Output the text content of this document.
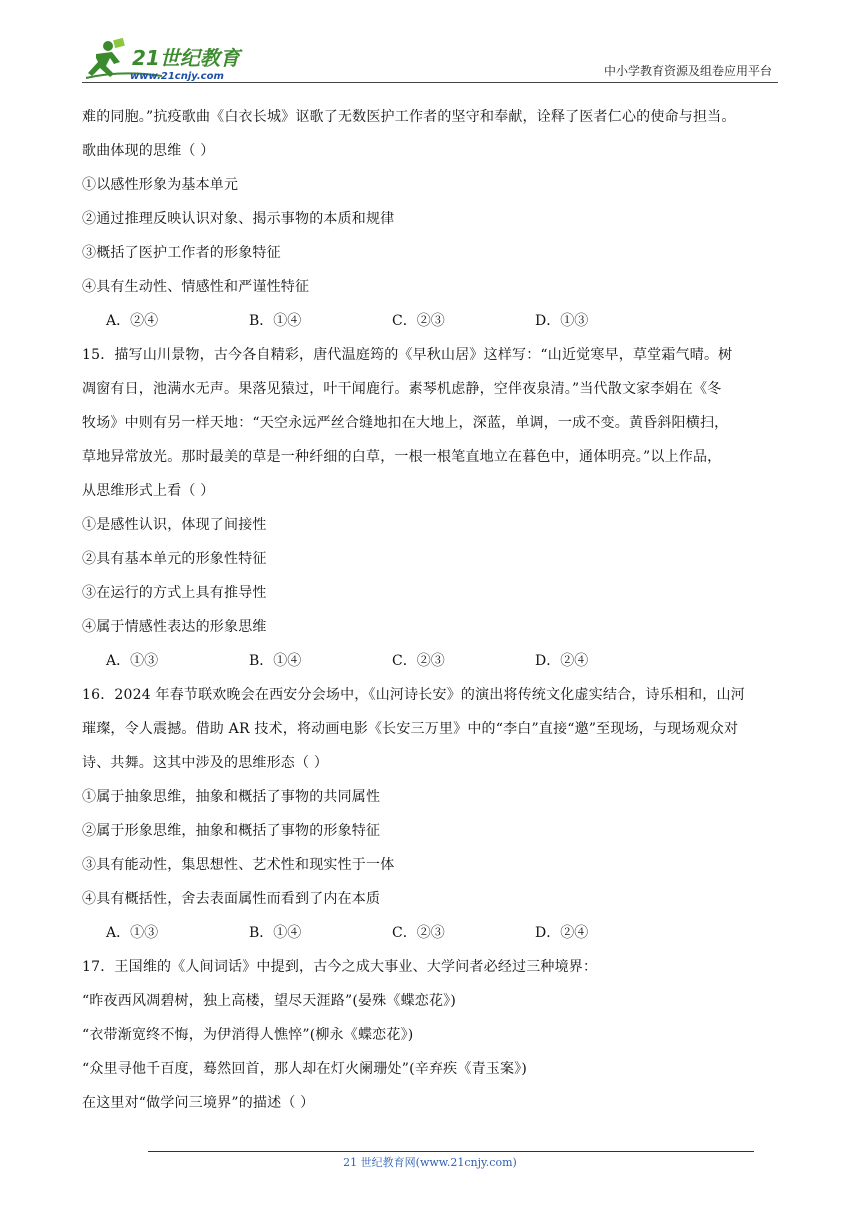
21世纪教育
www.21cnjy.com	中小学教育资源及组卷应用平台
难的同胞。”抗疫歌曲《白衣长城》讴歌了无数医护工作者的坚守和奉献，诠释了医者仁心的使命与担当。
歌曲体现的思维（ ）
①以感性形象为基本单元
②通过推理反映认识对象、揭示事物的本质和规律
③概括了医护工作者的形象特征
④具有生动性、情感性和严谨性特征
A．②④	B．①④	C．②③	D．①③
15．描写山川景物，古今各自精彩，唐代温庭筠的《早秋山居》这样写：“山近觉寒早，草堂霜气晴。树
凋窗有日，池满水无声。果落见猿过，叶干闻鹿行。素琴机虑静，空伴夜泉清。”当代散文家李娟在《冬
牧场》中则有另一样天地：“天空永远严丝合缝地扣在大地上，深蓝，单调，一成不变。黄昏斜阳横扫，
草地异常放光。那时最美的草是一种纤细的白草，一根一根笔直地立在暮色中，通体明亮。”以上作品，
从思维形式上看（ ）
①是感性认识，体现了间接性
②具有基本单元的形象性特征
③在运行的方式上具有推导性
④属于情感性表达的形象思维
A．①③	B．①④	C．②③	D．②④
16．2024 年春节联欢晚会在西安分会场中，《山河诗长安》的演出将传统文化虚实结合，诗乐相和，山河
璀璨，令人震撼。借助 AR 技术，将动画电影《长安三万里》中的“李白”直接“邀”至现场，与现场观众对
诗、共舞。这其中涉及的思维形态（ ）
①属于抽象思维，抽象和概括了事物的共同属性
②属于形象思维，抽象和概括了事物的形象特征
③具有能动性，集思想性、艺术性和现实性于一体
④具有概括性，舍去表面属性而看到了内在本质
A．①③	B．①④	C．②③	D．②④
17．王国维的《人间词话》中提到，古今之成大事业、大学问者必经过三种境界：
“昨夜西风凋碧树，独上高楼，望尽天涯路”(晏殊《蝶恋花》)
“衣带渐宽终不悔，为伊消得人憔悴”(柳永《蝶恋花》)
“众里寻他千百度，蓦然回首，那人却在灯火阑珊处”(辛弃疾《青玉案》)
在这里对“做学问三境界”的描述（ ）
21 世纪教育网(www.21cnjy.com)
